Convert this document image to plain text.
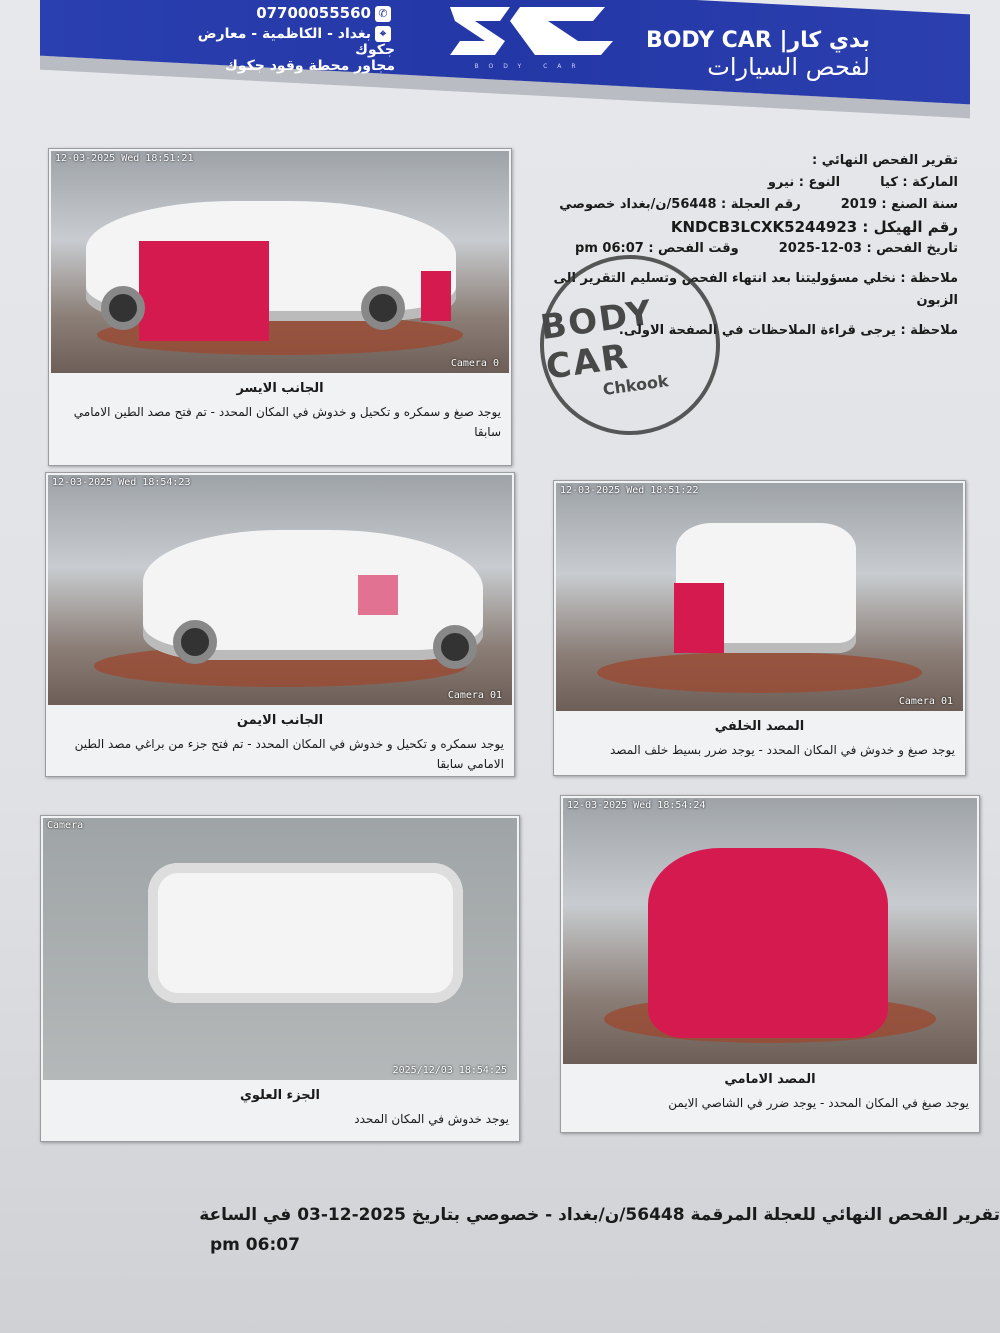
BODY CAR
بدي كار| BODY CAR
لفحص السيارات
07700055560 ✆
⌖بغداد - الكاظمية - معارض جكوك
مجاور محطة وقود جكوك
تقرير الفحص النهائي :
الماركة : كيا
النوع : نيرو
سنة الصنع : 2019
رقم العجلة : 56448/ن/بغداد خصوصي
رقم الهيكل : KNDCB3LCXK5244923
تاريخ الفحص : 03-12-2025
وقت الفحص : pm 06:07
ملاحظة : نخلي مسؤوليتنا بعد انتهاء الفحص وتسليم التقرير الى الزبون
ملاحظة : يرجى قراءة الملاحظات في الصفحة الاولى.
BODY CAR
Chkook
12-03-2025 Wed 18:51:21
Camera 0
الجانب الايسر
يوجد صبغ و سمكره و تكحيل و خدوش في المكان المحدد - تم فتح مصد الطين الامامي سابقا
12-03-2025 Wed 18:54:23
Camera 01
الجانب الايمن
يوجد سمكره و تكحيل و خدوش في المكان المحدد - تم فتح جزء من براغي مصد الطين الامامي سابقا
12-03-2025 Wed 18:51:22
Camera 01
المصد الخلفي
يوجد صبغ و خدوش في المكان المحدد - يوجد ضرر بسيط خلف المصد
Camera
2025/12/03 18:54:25
الجزء العلوي
يوجد خدوش في المكان المحدد
12-03-2025 Wed 18:54:24
المصد الامامي
يوجد صبغ في المكان المحدد - يوجد ضرر في الشاصي الايمن
تقرير الفحص النهائي للعجلة المرقمة 56448/ن/بغداد - خصوصي بتاريخ 2025-12-03 في الساعة
pm 06:07
